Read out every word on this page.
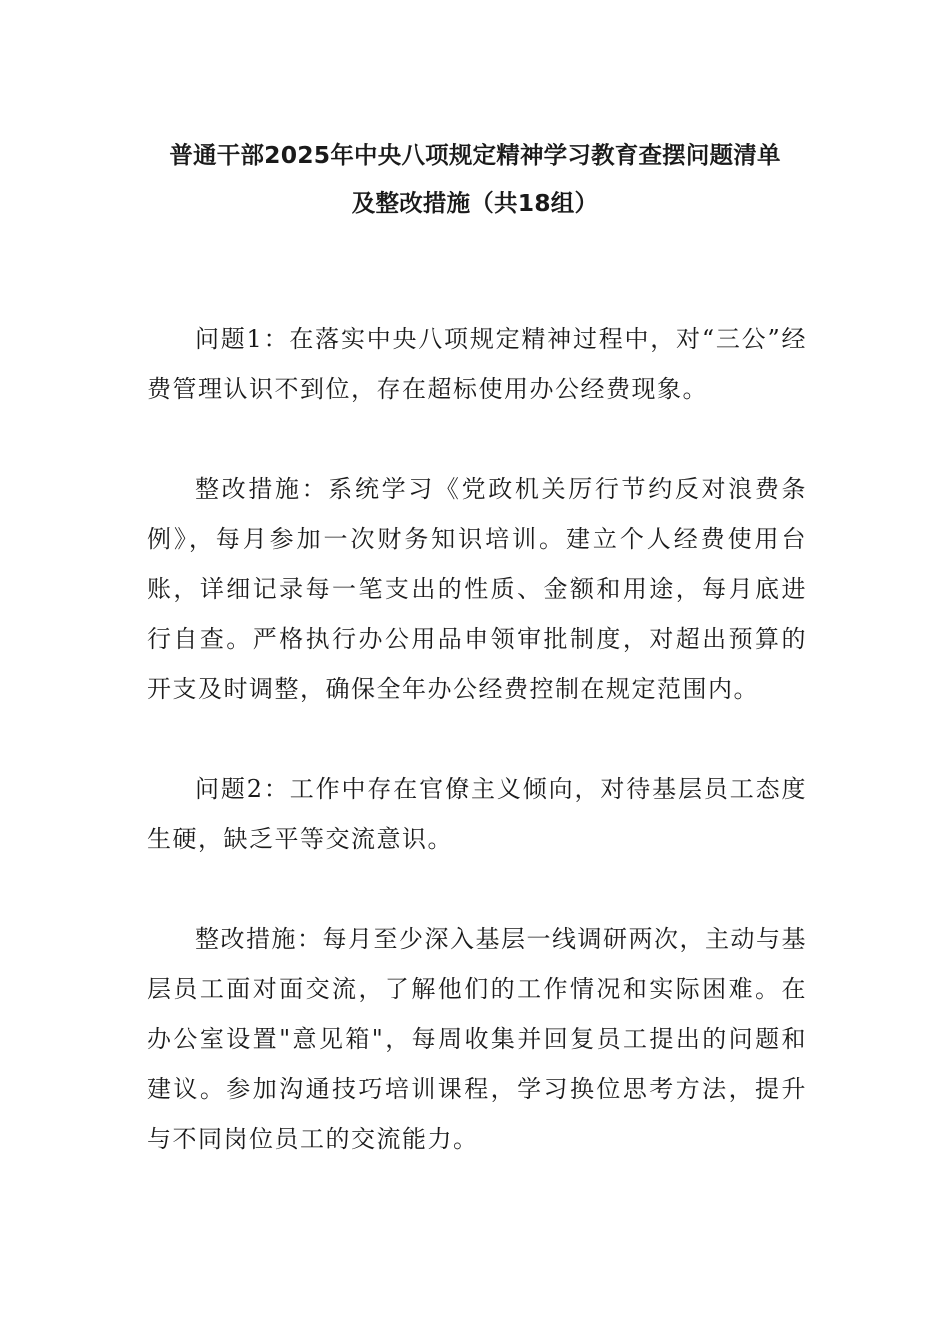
普通干部2025年中央八项规定精神学习教育查摆问题清单
及整改措施（共18组）

问题1：在落实中央八项规定精神过程中，对“三公”经费管理认识不到位，存在超标使用办公经费现象。

整改措施：系统学习《党政机关厉行节约反对浪费条例》，每月参加一次财务知识培训。建立个人经费使用台账，详细记录每一笔支出的性质、金额和用途，每月底进行自查。严格执行办公用品申领审批制度，对超出预算的开支及时调整，确保全年办公经费控制在规定范围内。

问题2：工作中存在官僚主义倾向，对待基层员工态度生硬，缺乏平等交流意识。

整改措施：每月至少深入基层一线调研两次，主动与基层员工面对面交流，了解他们的工作情况和实际困难。在办公室设置"意见箱"，每周收集并回复员工提出的问题和建议。参加沟通技巧培训课程，学习换位思考方法，提升与不同岗位员工的交流能力。
